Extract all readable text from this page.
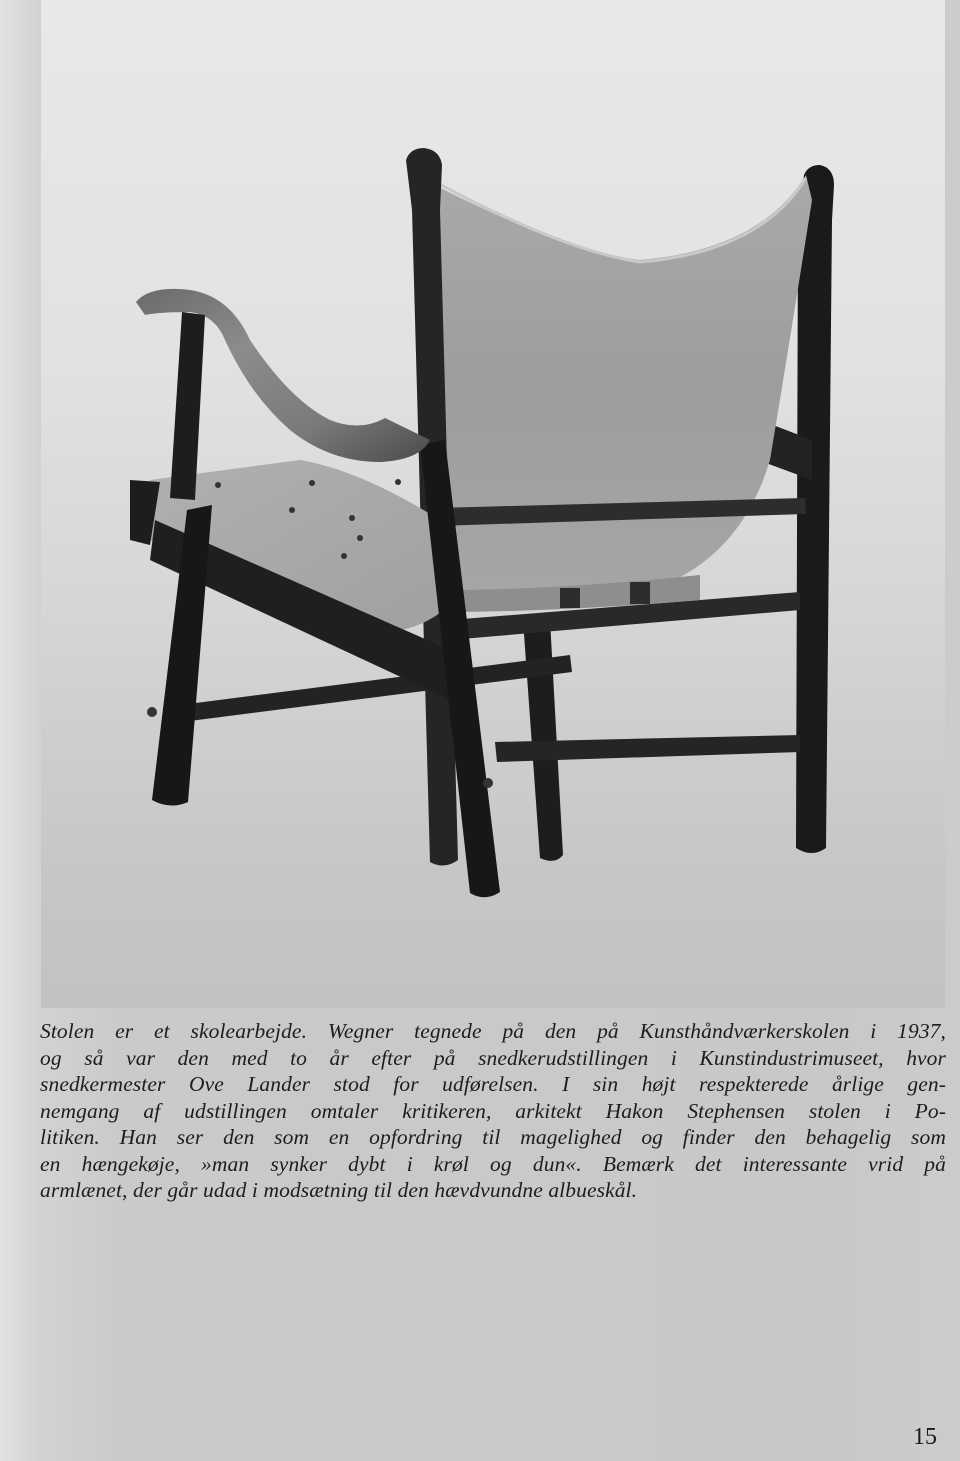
Stolen er et skolearbejde. Wegner tegnede på den på Kunsthåndværkerskolen i 1937,
og så var den med to år efter på snedkerudstillingen i Kunstindustrimuseet, hvor
snedkermester Ove Lander stod for udførelsen. I sin højt respekterede årlige gen-
nemgang af udstillingen omtaler kritikeren, arkitekt Hakon Stephensen stolen i Po-
litiken. Han ser den som en opfordring til magelighed og finder den behagelig som
en hængekøje, »man synker dybt i krøl og dun«. Bemærk det interessante vrid på
armlænet, der går udad i modsætning til den hævdvundne albueskål.
15
